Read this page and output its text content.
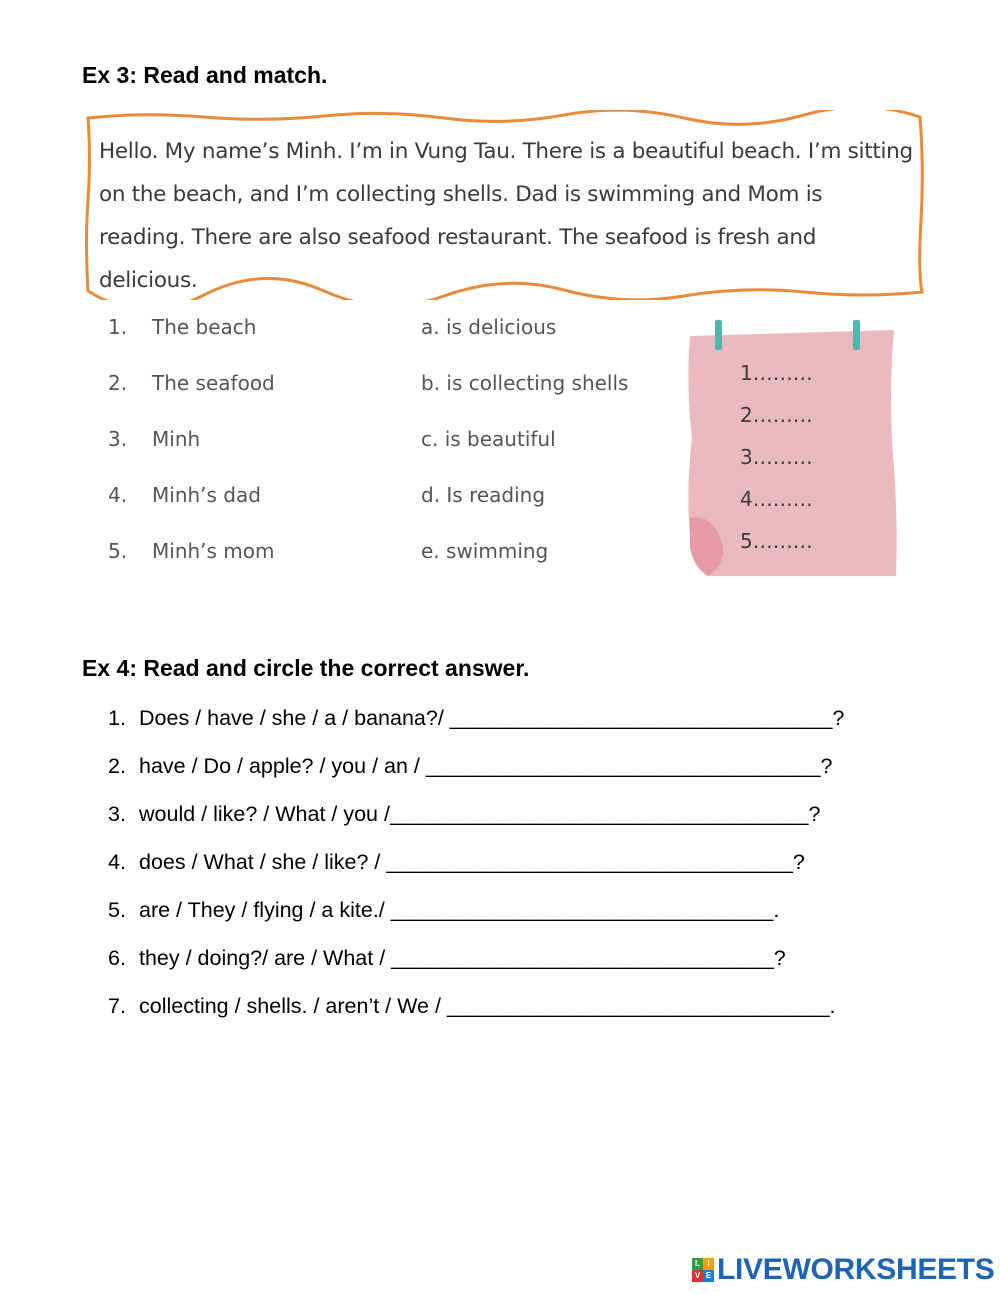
Ex 3: Read and match.
Hello. My name’s Minh. I’m in Vung Tau. There is a beautiful beach. I’m sitting on the beach, and I’m collecting shells. Dad is swimming and Mom is reading. There are also seafood restaurant. The seafood is fresh and delicious.
1. The beach	a. is delicious
2. The seafood	b. is collecting shells
3. Minh	c. is beautiful
4. Minh’s dad	d. Is reading
5. Minh’s mom	e. swimming
1………
2………
3………
4………
5………
Ex 4: Read and circle the correct answer.
1. Does / have / she / a / banana?/ ________________________________?
2. have / Do / apple? / you / an / _________________________________?
3. would / like? / What / you /___________________________________?
4. does / What / she / like? / __________________________________?
5. are / They / flying / a kite./ ________________________________.
6. they / doing?/ are / What / ________________________________?
7. collecting / shells. / aren’t / We / ________________________________.
L I
V E LIVEWORKSHEETS
